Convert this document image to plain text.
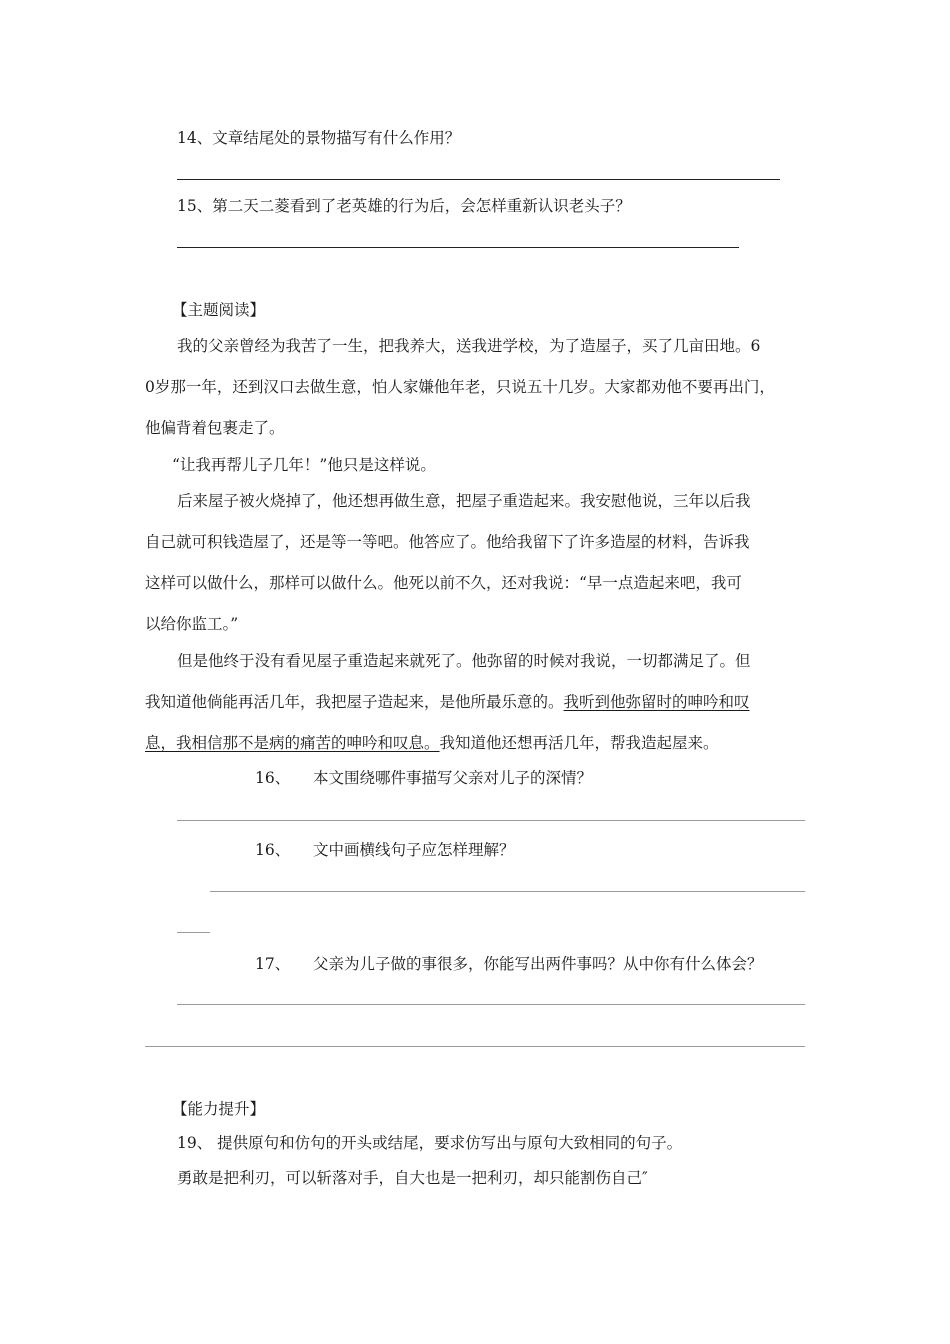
14、文章结尾处的景物描写有什么作用？
15、第二天二菱看到了老英雄的行为后，会怎样重新认识老头子？
【主题阅读】
我的父亲曾经为我苦了一生，把我养大，送我进学校，为了造屋子，买了几亩田地。6
0岁那一年，还到汉口去做生意，怕人家嫌他年老，只说五十几岁。大家都劝他不要再出门，
他偏背着包裹走了。
“让我再帮儿子几年！”他只是这样说。
后来屋子被火烧掉了，他还想再做生意，把屋子重造起来。我安慰他说，三年以后我
自己就可积钱造屋了，还是等一等吧。他答应了。他给我留下了许多造屋的材料，告诉我
这样可以做什么，那样可以做什么。他死以前不久，还对我说：“早一点造起来吧，我可
以给你监工。”
但是他终于没有看见屋子重造起来就死了。他弥留的时候对我说，一切都满足了。但
我知道他倘能再活几年，我把屋子造起来，是他所最乐意的。我听到他弥留时的呻吟和叹
息，我相信那不是病的痛苦的呻吟和叹息。我知道他还想再活几年，帮我造起屋来。
16、 本文围绕哪件事描写父亲对儿子的深情？
16、 文中画横线句子应怎样理解？
17、 父亲为儿子做的事很多，你能写出两件事吗？从中你有什么体会？
【能力提升】
19、 提供原句和仿句的开头或结尾，要求仿写出与原句大致相同的句子。
勇敢是把利刃，可以斩落对手，自大也是一把利刃，却只能割伤自己″
